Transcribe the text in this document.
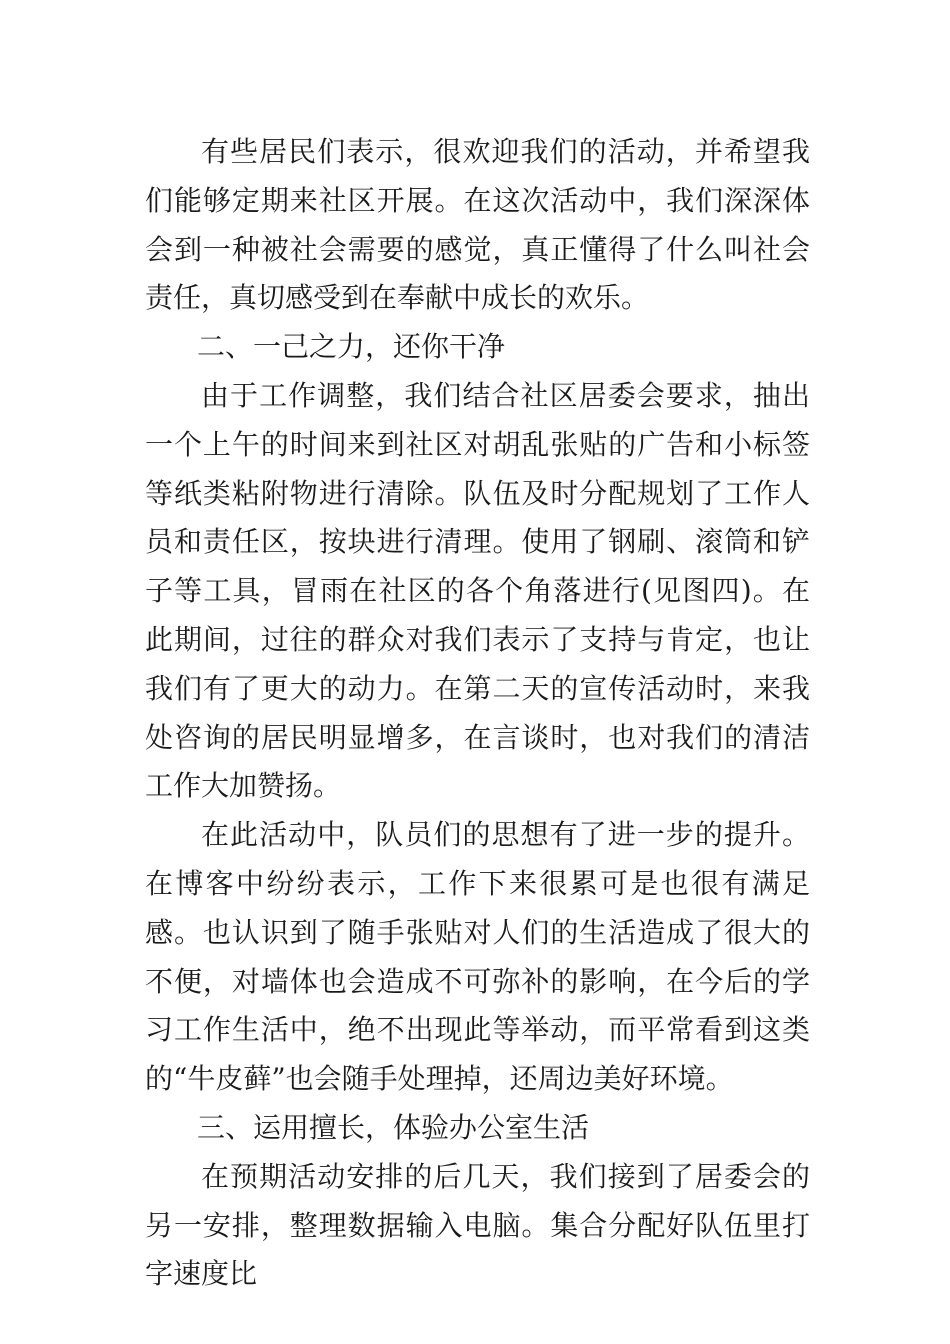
有些居民们表示，很欢迎我们的活动，并希望我们能够定期来社区开展。在这次活动中，我们深深体会到一种被社会需要的感觉，真正懂得了什么叫社会责任，真切感受到在奉献中成长的欢乐。

二、一己之力，还你干净

由于工作调整，我们结合社区居委会要求，抽出一个上午的时间来到社区对胡乱张贴的广告和小标签等纸类粘附物进行清除。队伍及时分配规划了工作人员和责任区，按块进行清理。使用了钢刷、滚筒和铲子等工具，冒雨在社区的各个角落进行(见图四)。在此期间，过往的群众对我们表示了支持与肯定，也让我们有了更大的动力。在第二天的宣传活动时，来我处咨询的居民明显增多，在言谈时，也对我们的清洁工作大加赞扬。

在此活动中，队员们的思想有了进一步的提升。在博客中纷纷表示，工作下来很累可是也很有满足感。也认识到了随手张贴对人们的生活造成了很大的不便，对墙体也会造成不可弥补的影响，在今后的学习工作生活中，绝不出现此等举动，而平常看到这类的“牛皮藓”也会随手处理掉，还周边美好环境。

三、运用擅长，体验办公室生活

在预期活动安排的后几天，我们接到了居委会的另一安排，整理数据输入电脑。集合分配好队伍里打字速度比
